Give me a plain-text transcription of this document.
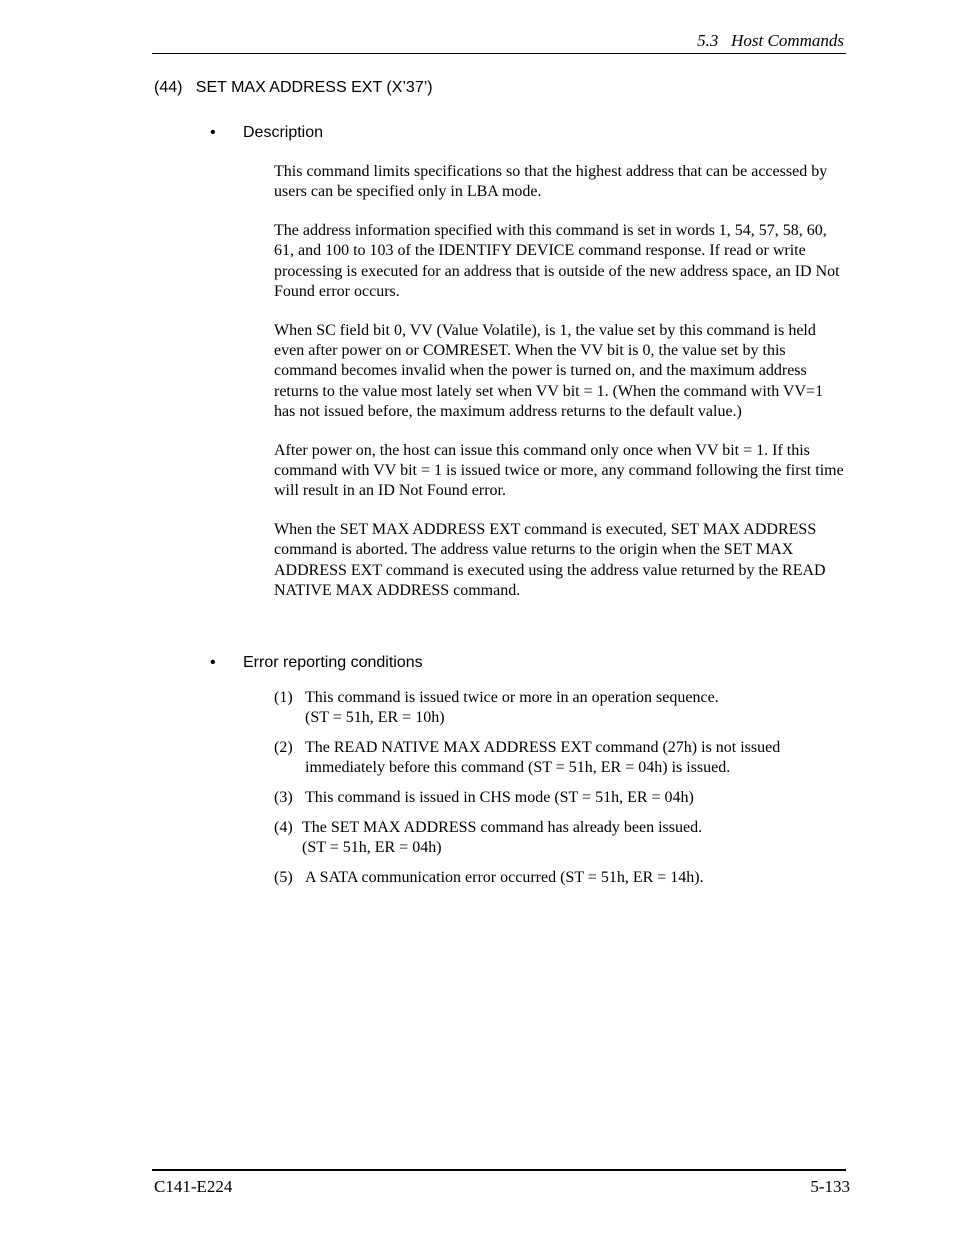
5.3   Host Commands
(44)   SET MAX ADDRESS EXT (X’37’)
• Description

This command limits specifications so that the highest address that can be accessed by users can be specified only in LBA mode.

The address information specified with this command is set in words 1, 54, 57, 58, 60, 61, and 100 to 103 of the IDENTIFY DEVICE command response. If read or write processing is executed for an address that is outside of the new address space, an ID Not Found error occurs.

When SC field bit 0, VV (Value Volatile), is 1, the value set by this command is held even after power on or COMRESET. When the VV bit is 0, the value set by this command becomes invalid when the power is turned on, and the maximum address returns to the value most lately set when VV bit = 1. (When the command with VV=1 has not issued before, the maximum address returns to the default value.)

After power on, the host can issue this command only once when VV bit = 1. If this command with VV bit = 1 is issued twice or more, any command following the first time will result in an ID Not Found error.

When the SET MAX ADDRESS EXT command is executed, SET MAX ADDRESS command is aborted. The address value returns to the origin when the SET MAX ADDRESS EXT command is executed using the address value returned by the READ NATIVE MAX ADDRESS command.

• Error reporting conditions
(1) This command is issued twice or more in an operation sequence.
(ST = 51h, ER = 10h)
(2) The READ NATIVE MAX ADDRESS EXT command (27h) is not issued
immediately before this command (ST = 51h, ER = 04h) is issued.
(3) This command is issued in CHS mode (ST = 51h, ER = 04h)
(4) The SET MAX ADDRESS command has already been issued.
(ST = 51h, ER = 04h)
(5) A SATA communication error occurred (ST = 51h, ER = 14h).
C141-E224	5-133
